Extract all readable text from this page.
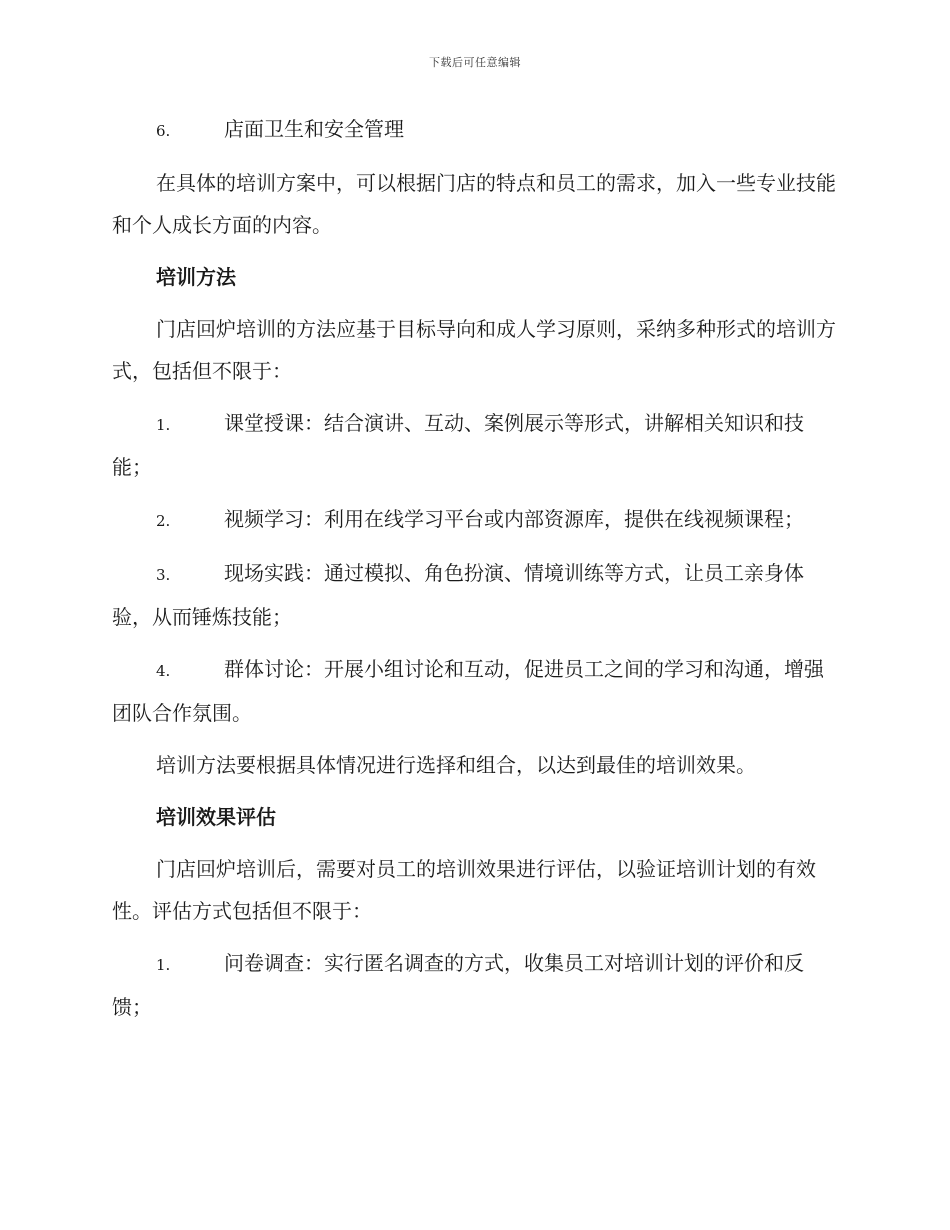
下载后可任意编辑
6.	店面卫生和安全管理

在具体的培训方案中，可以根据门店的特点和员工的需求，加入一些专业技能和个人成长方面的内容。

培训方法

门店回炉培训的方法应基于目标导向和成人学习原则，采纳多种形式的培训方式，包括但不限于：

1.	课堂授课：结合演讲、互动、案例展示等形式，讲解相关知识和技能；
2.	视频学习：利用在线学习平台或内部资源库，提供在线视频课程；
3.	现场实践：通过模拟、角色扮演、情境训练等方式，让员工亲身体验，从而锤炼技能；
4.	群体讨论：开展小组讨论和互动，促进员工之间的学习和沟通，增强团队合作氛围。

培训方法要根据具体情况进行选择和组合，以达到最佳的培训效果。

培训效果评估

门店回炉培训后，需要对员工的培训效果进行评估，以验证培训计划的有效性。评估方式包括但不限于：

1.	问卷调查：实行匿名调查的方式，收集员工对培训计划的评价和反馈；
